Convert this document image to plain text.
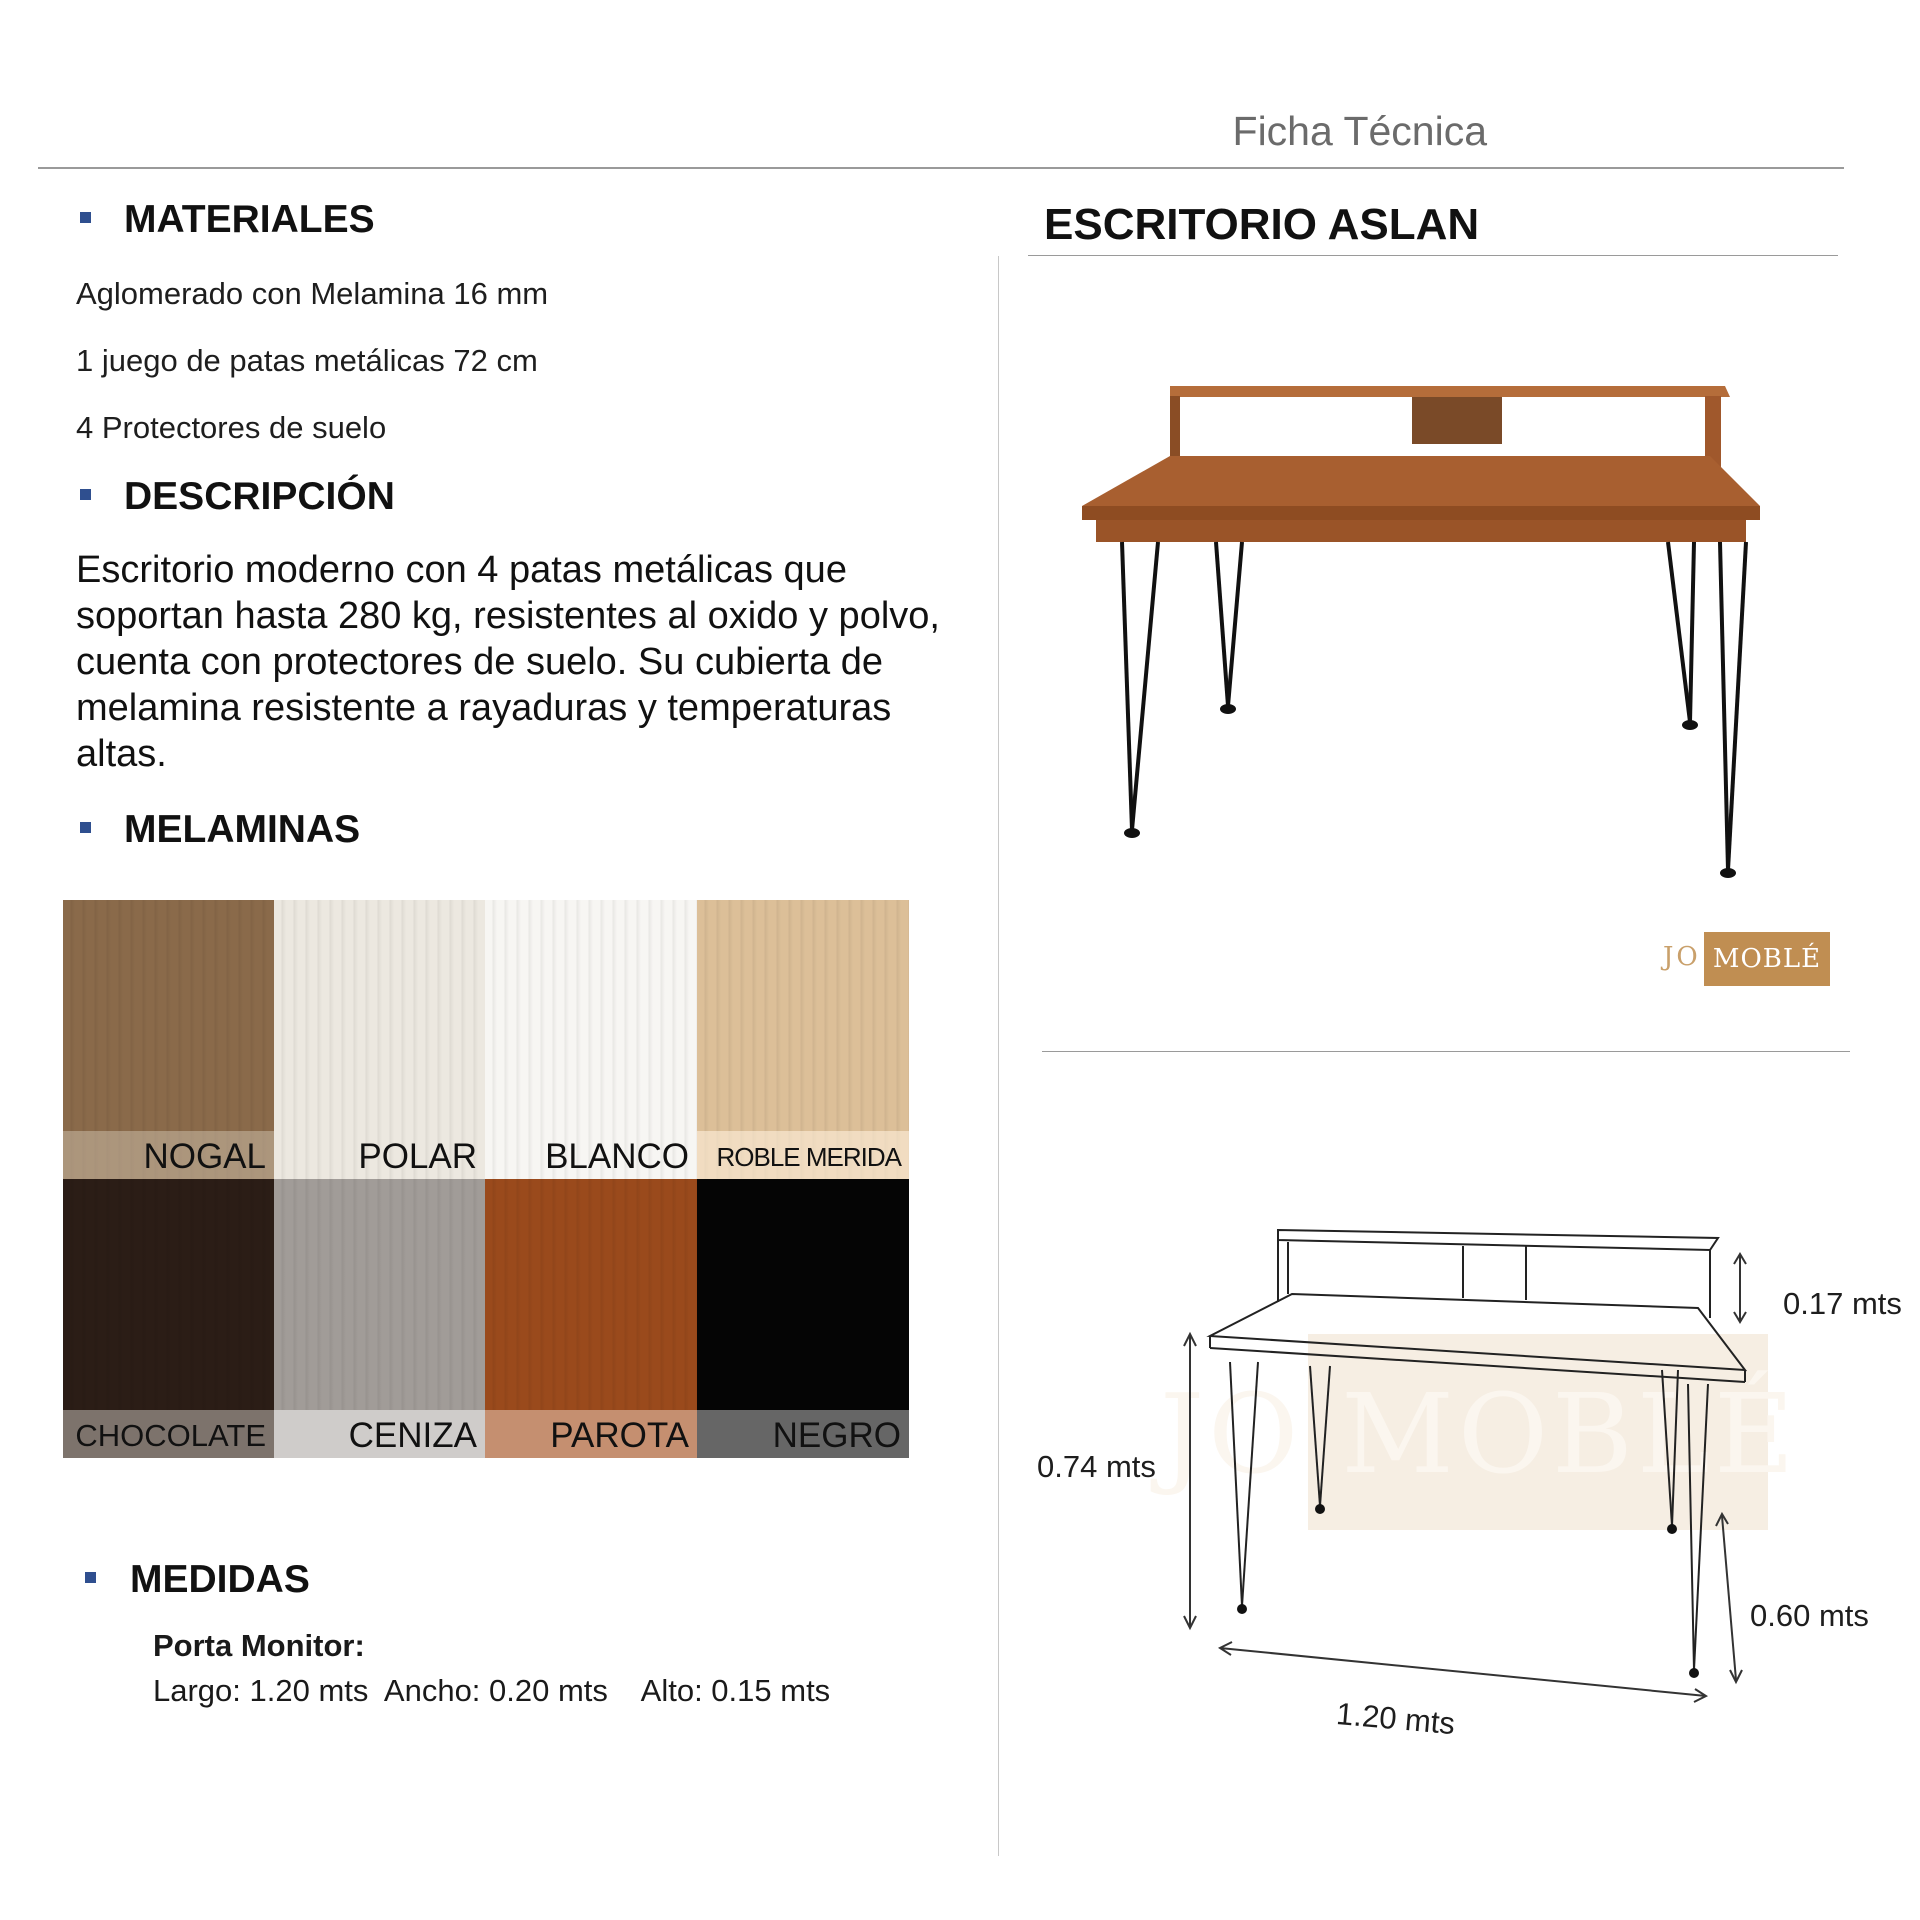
Ficha Técnica
MATERIALES
Aglomerado con Melamina 16 mm
1 juego de patas metálicas 72 cm
4 Protectores de suelo
DESCRIPCIÓN
Escritorio moderno con 4 patas metálicas que soportan hasta 280 kg, resistentes al oxido y polvo, cuenta con protectores de suelo. Su cubierta de melamina resistente a rayaduras y temperaturas altas.
MELAMINAS
NOGAL	POLAR	BLANCO	ROBLE MERIDA
CHOCOLATE	CENIZA	PAROTA	NEGRO
MEDIDAS
Porta Monitor:
Largo: 1.20 mts  Ancho: 0.20 mts    Alto: 0.15 mts
ESCRITORIO ASLAN
JO MOBLÉ
JO MOBLÉ
0.17 mts
0.74 mts
0.60 mts
1.20 mts
